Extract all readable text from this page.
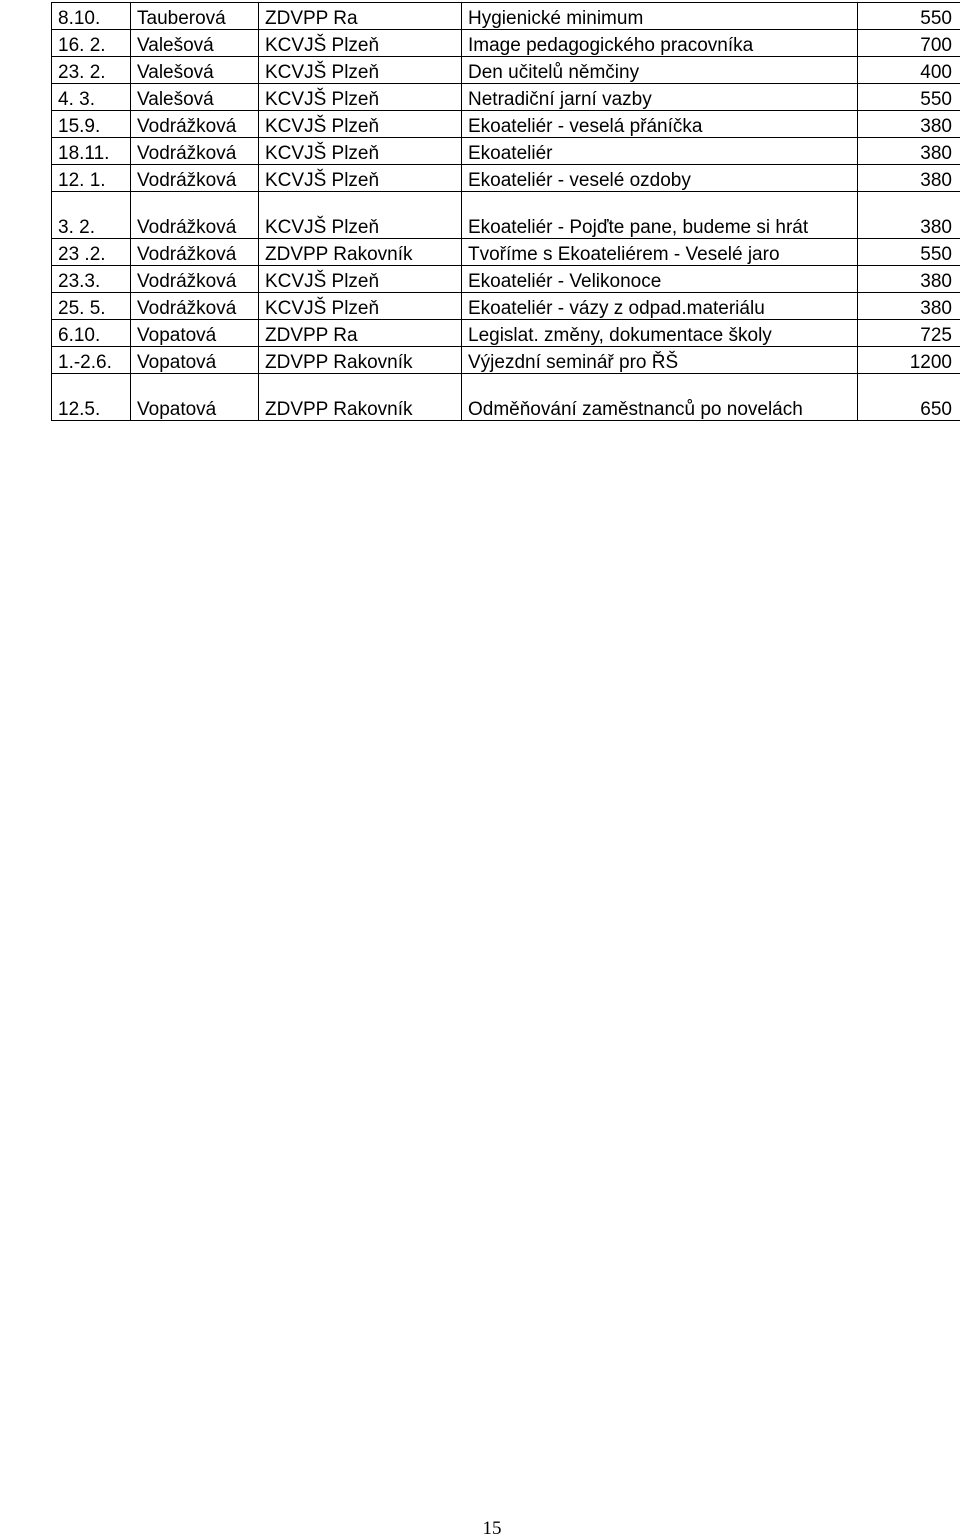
8.10.	Tauberová	ZDVPP Ra	Hygienické minimum	550
16. 2.	Valešová	KCVJŠ Plzeň	Image pedagogického pracovníka	700
23. 2.	Valešová	KCVJŠ Plzeň	Den učitelů němčiny	400
4. 3.	Valešová	KCVJŠ Plzeň	Netradiční jarní vazby	550
15.9.	Vodrážková	KCVJŠ Plzeň	Ekoateliér - veselá přáníčka	380
18.11.	Vodrážková	KCVJŠ Plzeň	Ekoateliér	380
12. 1.	Vodrážková	KCVJŠ Plzeň	Ekoateliér - veselé ozdoby	380
3. 2.	Vodrážková	KCVJŠ Plzeň	Ekoateliér - Pojďte pane, budeme si hrát	380
23 .2.	Vodrážková	ZDVPP Rakovník	Tvoříme s Ekoateliérem - Veselé jaro	550
23.3.	Vodrážková	KCVJŠ Plzeň	Ekoateliér - Velikonoce	380
25. 5.	Vodrážková	KCVJŠ Plzeň	Ekoateliér - vázy z odpad.materiálu	380
6.10.	Vopatová	ZDVPP Ra	Legislat. změny, dokumentace školy	725
1.-2.6.	Vopatová	ZDVPP Rakovník	Výjezdní seminář pro ŘŠ	1200
12.5.	Vopatová	ZDVPP Rakovník	Odměňování zaměstnanců po novelách	650
15
